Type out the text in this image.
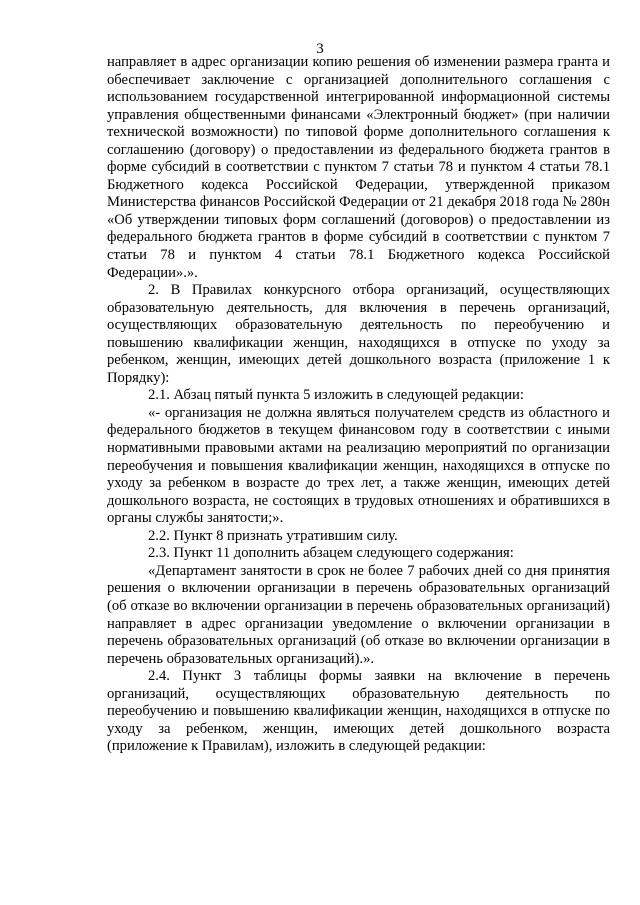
3

направляет в адрес организации копию решения об изменении размера гранта и обеспечивает заключение с организацией дополнительного соглашения с использованием государственной интегрированной информационной системы управления общественными финансами «Электронный бюджет» (при наличии технической возможности) по типовой форме дополнительного соглашения к соглашению (договору) о предоставлении из федерального бюджета грантов в форме субсидий в соответствии с пунктом 7 статьи 78 и пунктом 4 статьи 78.1 Бюджетного кодекса Российской Федерации, утвержденной приказом Министерства финансов Российской Федерации от 21 декабря 2018 года № 280н «Об утверждении типовых форм соглашений (договоров) о предоставлении из федерального бюджета грантов в форме субсидий в соответствии с пунктом 7 статьи 78 и пунктом 4 статьи 78.1 Бюджетного кодекса Российской Федерации».».

2. В Правилах конкурсного отбора организаций, осуществляющих образовательную деятельность, для включения в перечень организаций, осуществляющих образовательную деятельность по переобучению и повышению квалификации женщин, находящихся в отпуске по уходу за ребенком, женщин, имеющих детей дошкольного возраста (приложение 1 к Порядку):

2.1. Абзац пятый пункта 5 изложить в следующей редакции:

«- организация не должна являться получателем средств из областного и федерального бюджетов в текущем финансовом году в соответствии с иными нормативными правовыми актами на реализацию мероприятий по организации переобучения и повышения квалификации женщин, находящихся в отпуске по уходу за ребенком в возрасте до трех лет, а также женщин, имеющих детей дошкольного возраста, не состоящих в трудовых отношениях и обратившихся в органы службы занятости;».

2.2. Пункт 8 признать утратившим силу.

2.3. Пункт 11 дополнить абзацем следующего содержания:

«Департамент занятости в срок не более 7 рабочих дней со дня принятия решения о включении организации в перечень образовательных организаций (об отказе во включении организации в перечень образовательных организаций) направляет в адрес организации уведомление о включении организации в перечень образовательных организаций (об отказе во включении организации в перечень образовательных организаций).».

2.4. Пункт 3 таблицы формы заявки на включение в перечень организаций, осуществляющих образовательную деятельность по переобучению и повышению квалификации женщин, находящихся в отпуске по уходу за ребенком, женщин, имеющих детей дошкольного возраста (приложение к Правилам), изложить в следующей редакции:
